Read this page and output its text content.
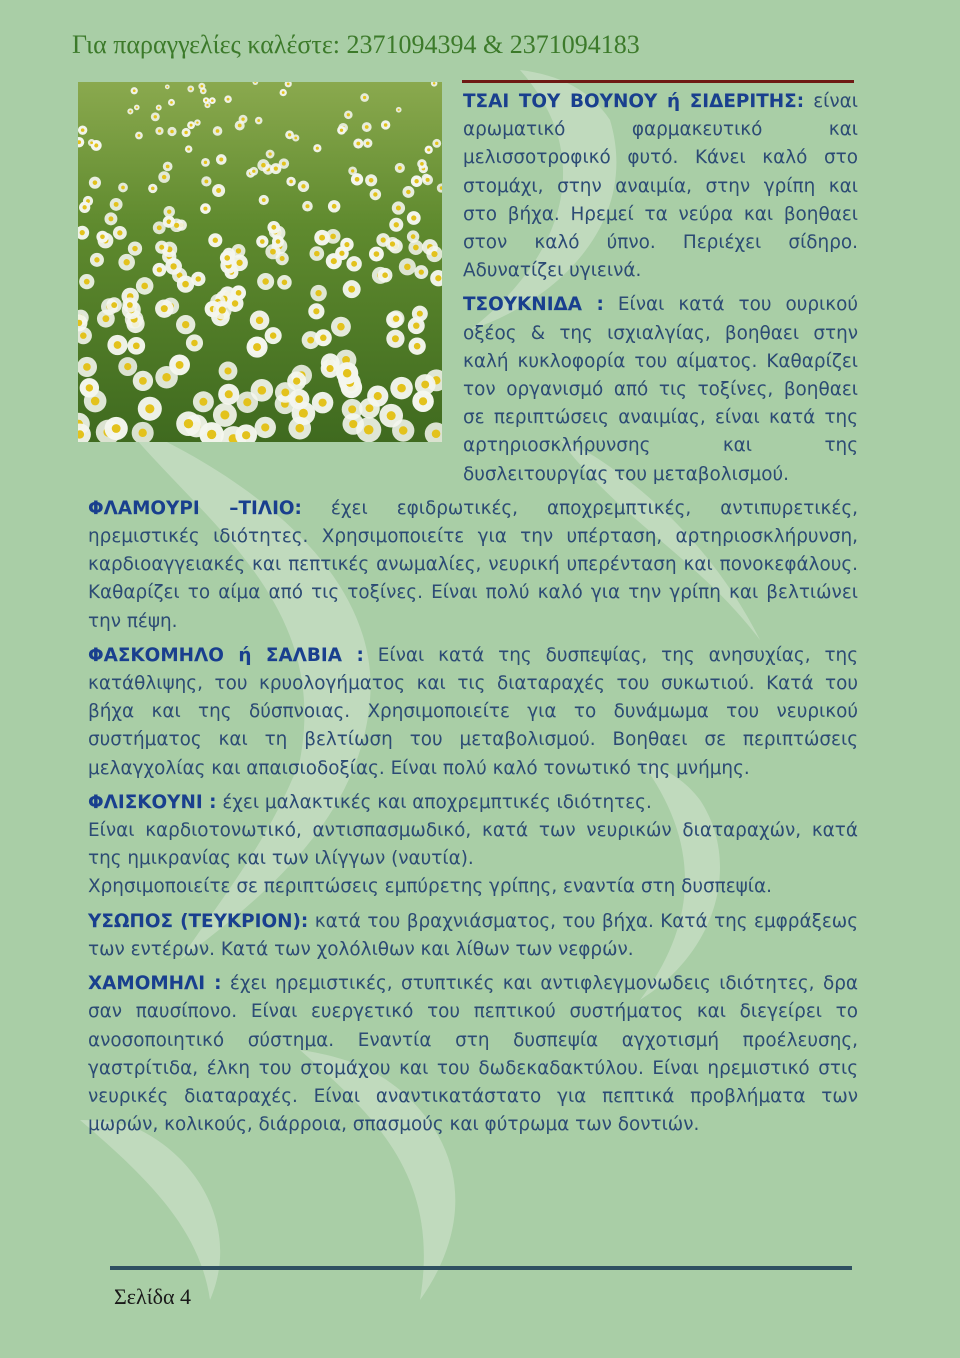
Για παραγγελίες καλέστε: 2371094394 & 2371094183

ΤΣΑΙ ΤΟΥ ΒΟΥΝΟΥ ή ΣΙΔΕΡΙΤΗΣ: είναι αρωματικό φαρμακευτικό και μελισσοτροφικό φυτό. Κάνει καλό στο στομάχι, στην αναιμία, στην γρίπη και στο βήχα. Ηρεμεί τα νεύρα και βοηθαει στον καλό ύπνο. Περιέχει σίδηρο. Αδυνατίζει υγιεινά.

ΤΣΟΥΚΝΙΔΑ : Είναι κατά του ουρικού οξέος & της ισχιαλγίας, βοηθαει στην καλή κυκλοφορία του αίματος. Καθαρίζει τον οργανισμό από τις τοξίνες, βοηθαει σε περιπτώσεις αναιμίας, είναι κατά της αρτηριοσκλήρυνσης και της δυσλειτουργίας του μεταβολισμού.

ΦΛΑΜΟΥΡΙ –ΤΙΛΙΟ: έχει εφιδρωτικές, αποχρεμπτικές, αντιπυρετικές, ηρεμιστικές ιδιότητες. Χρησιμοποιείτε για την υπέρταση, αρτηριοσκλήρυνση, καρδιοαγγειακές και πεπτικές ανωμαλίες, νευρική υπερένταση και πονοκεφάλους. Καθαρίζει το αίμα από τις τοξίνες. Είναι πολύ καλό για την γρίπη και βελτιώνει την πέψη.

ΦΑΣΚΟΜΗΛΟ ή ΣΑΛΒΙΑ : Είναι κατά της δυσπεψίας, της ανησυχίας, της κατάθλιψης, του κρυολογήματος και τις διαταραχές του συκωτιού. Κατά του βήχα και της δύσπνοιας. Χρησιμοποιείτε για το δυνάμωμα του νευρικού συστήματος και τη βελτίωση του μεταβολισμού. Βοηθαει σε περιπτώσεις μελαγχολίας και απαισιοδοξίας. Είναι πολύ καλό τονωτικό της μνήμης.

ΦΛΙΣΚΟΥΝΙ : έχει μαλακτικές και αποχρεμπτικές ιδιότητες.

Είναι καρδιοτονωτικό, αντισπασμωδικό, κατά των νευρικών διαταραχών, κατά της ημικρανίας και των ιλίγγων (ναυτία).

Χρησιμοποιείτε σε περιπτώσεις εμπύρετης γρίπης, εναντία στη δυσπεψία.

ΥΣΩΠΟΣ (ΤΕΥΚΡΙΟΝ): κατά του βραχνιάσματος, του βήχα. Κατά της εμφράξεως των εντέρων. Κατά των χολόλιθων και λίθων των νεφρών.

ΧΑΜΟΜΗΛΙ : έχει ηρεμιστικές, στυπτικές και αντιφλεγμονωδεις ιδιότητες, δρα σαν παυσίπονο. Είναι ευεργετικό του πεπτικού συστήματος και διεγείρει το ανοσοποιητικό σύστημα. Εναντία στη δυσπεψία αγχοτισμή προέλευσης, γαστρίτιδα, έλκη του στομάχου και του δωδεκαδακτύλου. Είναι ηρεμιστικό στις νευρικές διαταραχές. Είναι αναντικατάστατο για πεπτικά προβλήματα των μωρών, κολικούς, διάρροια, σπασμούς και φύτρωμα των δοντιών.

Σελίδα 4
